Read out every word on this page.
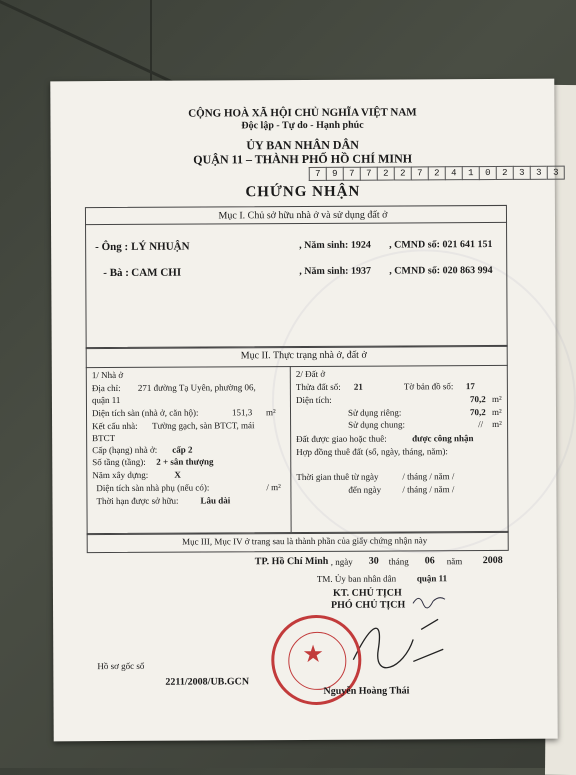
CỘNG HOÀ XÃ HỘI CHỦ NGHĨA VIỆT NAM
Độc lập - Tự do - Hạnh phúc
ỦY BAN NHÂN DÂN
QUẬN 11 – THÀNH PHỐ HỒ CHÍ MINH
7	9	7	7	2	2	7	2	4	1	0	2	3	3	3
CHỨNG NHẬN
Mục I. Chủ sở hữu nhà ở và sử dụng đất ở
- Ông : LÝ NHUẬN	, Năm sinh: 1924 , CMND số: 021 641 151
- Bà : CAM CHI	, Năm sinh: 1937 , CMND số: 020 863 994
Mục II. Thực trạng nhà ở, đất ở
1/ Nhà ở
Địa chỉ: 271 đường Tạ Uyên, phường 06,
quận 11
Diện tích sàn (nhà ở, căn hộ):	151,3 m²
Kết cấu nhà: Tường gạch, sàn BTCT, mái
BTCT
Cấp (hạng) nhà ở: cấp 2
Số tầng (tầng): 2 + sân thượng
Năm xây dựng:	X
Diện tích sàn nhà phụ (nếu có):	/ m²
Thời hạn được sở hữu: Lâu dài
2/ Đất ở
Thửa đất số: 21	Tờ bản đồ số: 17
Diện tích:	70,2 m²
Sử dụng riêng:	70,2 m²
Sử dụng chung:	// m²
Đất được giao hoặc thuê:	được công nhận
Hợp đồng thuê đất (số, ngày, tháng, năm):
Thời gian thuê từ ngày	/ tháng / năm /
đến ngày / tháng / năm /
Mục III, Mục IV ở trang sau là thành phần của giấy chứng nhận này
TP. Hồ Chí Minh , ngày 30 tháng 06 năm 2008
TM. Ủy ban nhân dân quận 11
KT. CHỦ TỊCH
PHÓ CHỦ TỊCH
★
Nguyễn Hoàng Thái
Hồ sơ gốc số
2211/2008/UB.GCN
